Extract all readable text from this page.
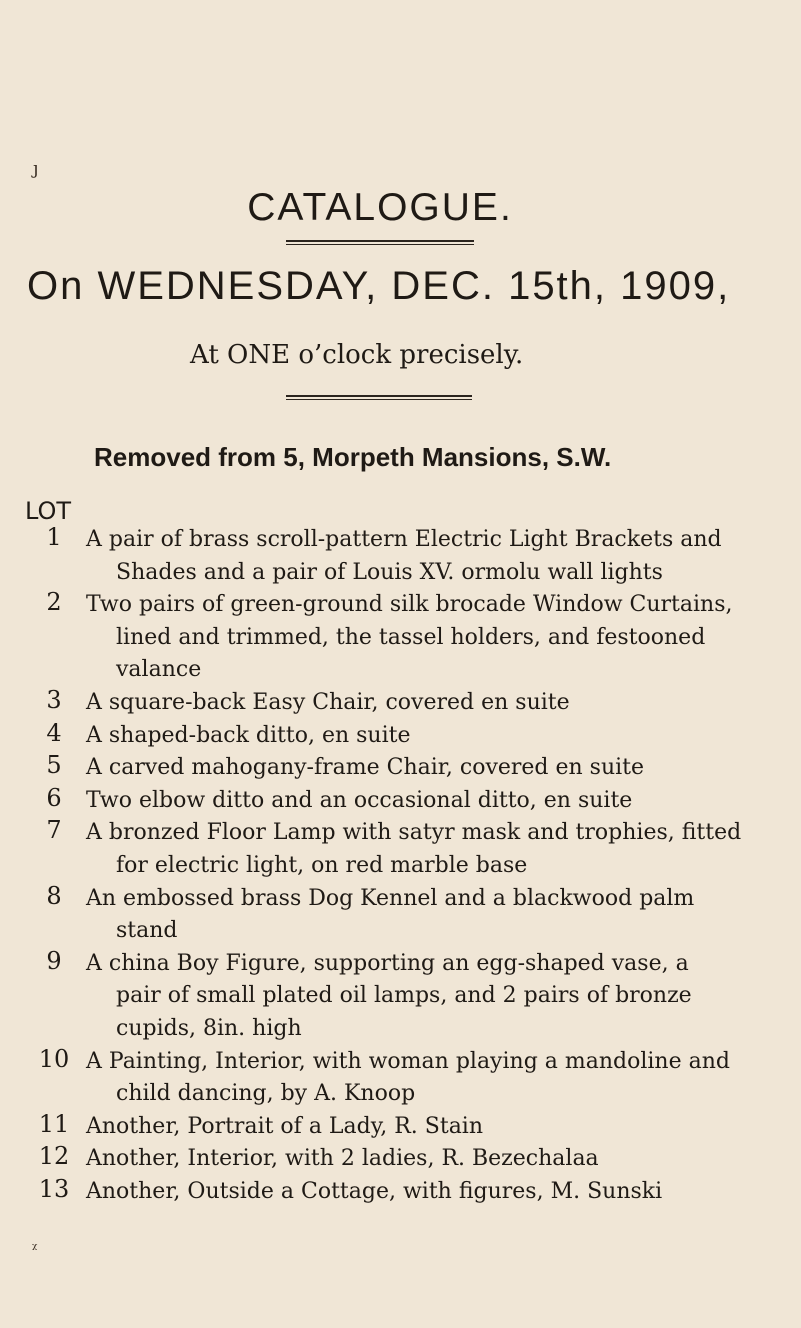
ȷ
ᵡ
CATALOGUE.
On WEDNESDAY, DEC. 15th, 1909,
At ONE o’clock precisely.
Removed from 5, Morpeth Mansions, S.W.
LOT
1	A pair of brass scroll-pattern Electric Light Brackets and
Shades and a pair of Louis XV. ormolu wall lights
2	Two pairs of green-ground silk brocade Window Curtains,
lined and trimmed, the tassel holders, and festooned
valance
3	A square-back Easy Chair, covered en suite
4	A shaped-back ditto, en suite
5	A carved mahogany-frame Chair, covered en suite
6	Two elbow ditto and an occasional ditto, en suite
7	A bronzed Floor Lamp with satyr mask and trophies, fitted
for electric light, on red marble base
8	An embossed brass Dog Kennel and a blackwood palm
stand
9	A china Boy Figure, supporting an egg-shaped vase, a
pair of small plated oil lamps, and 2 pairs of bronze
cupids, 8in. high
10 A Painting, Interior, with woman playing a mandoline and
child dancing, by A. Knoop
11 Another, Portrait of a Lady, R. Stain
12 Another, Interior, with 2 ladies, R. Bezechalaa
13 Another, Outside a Cottage, with figures, M. Sunski
